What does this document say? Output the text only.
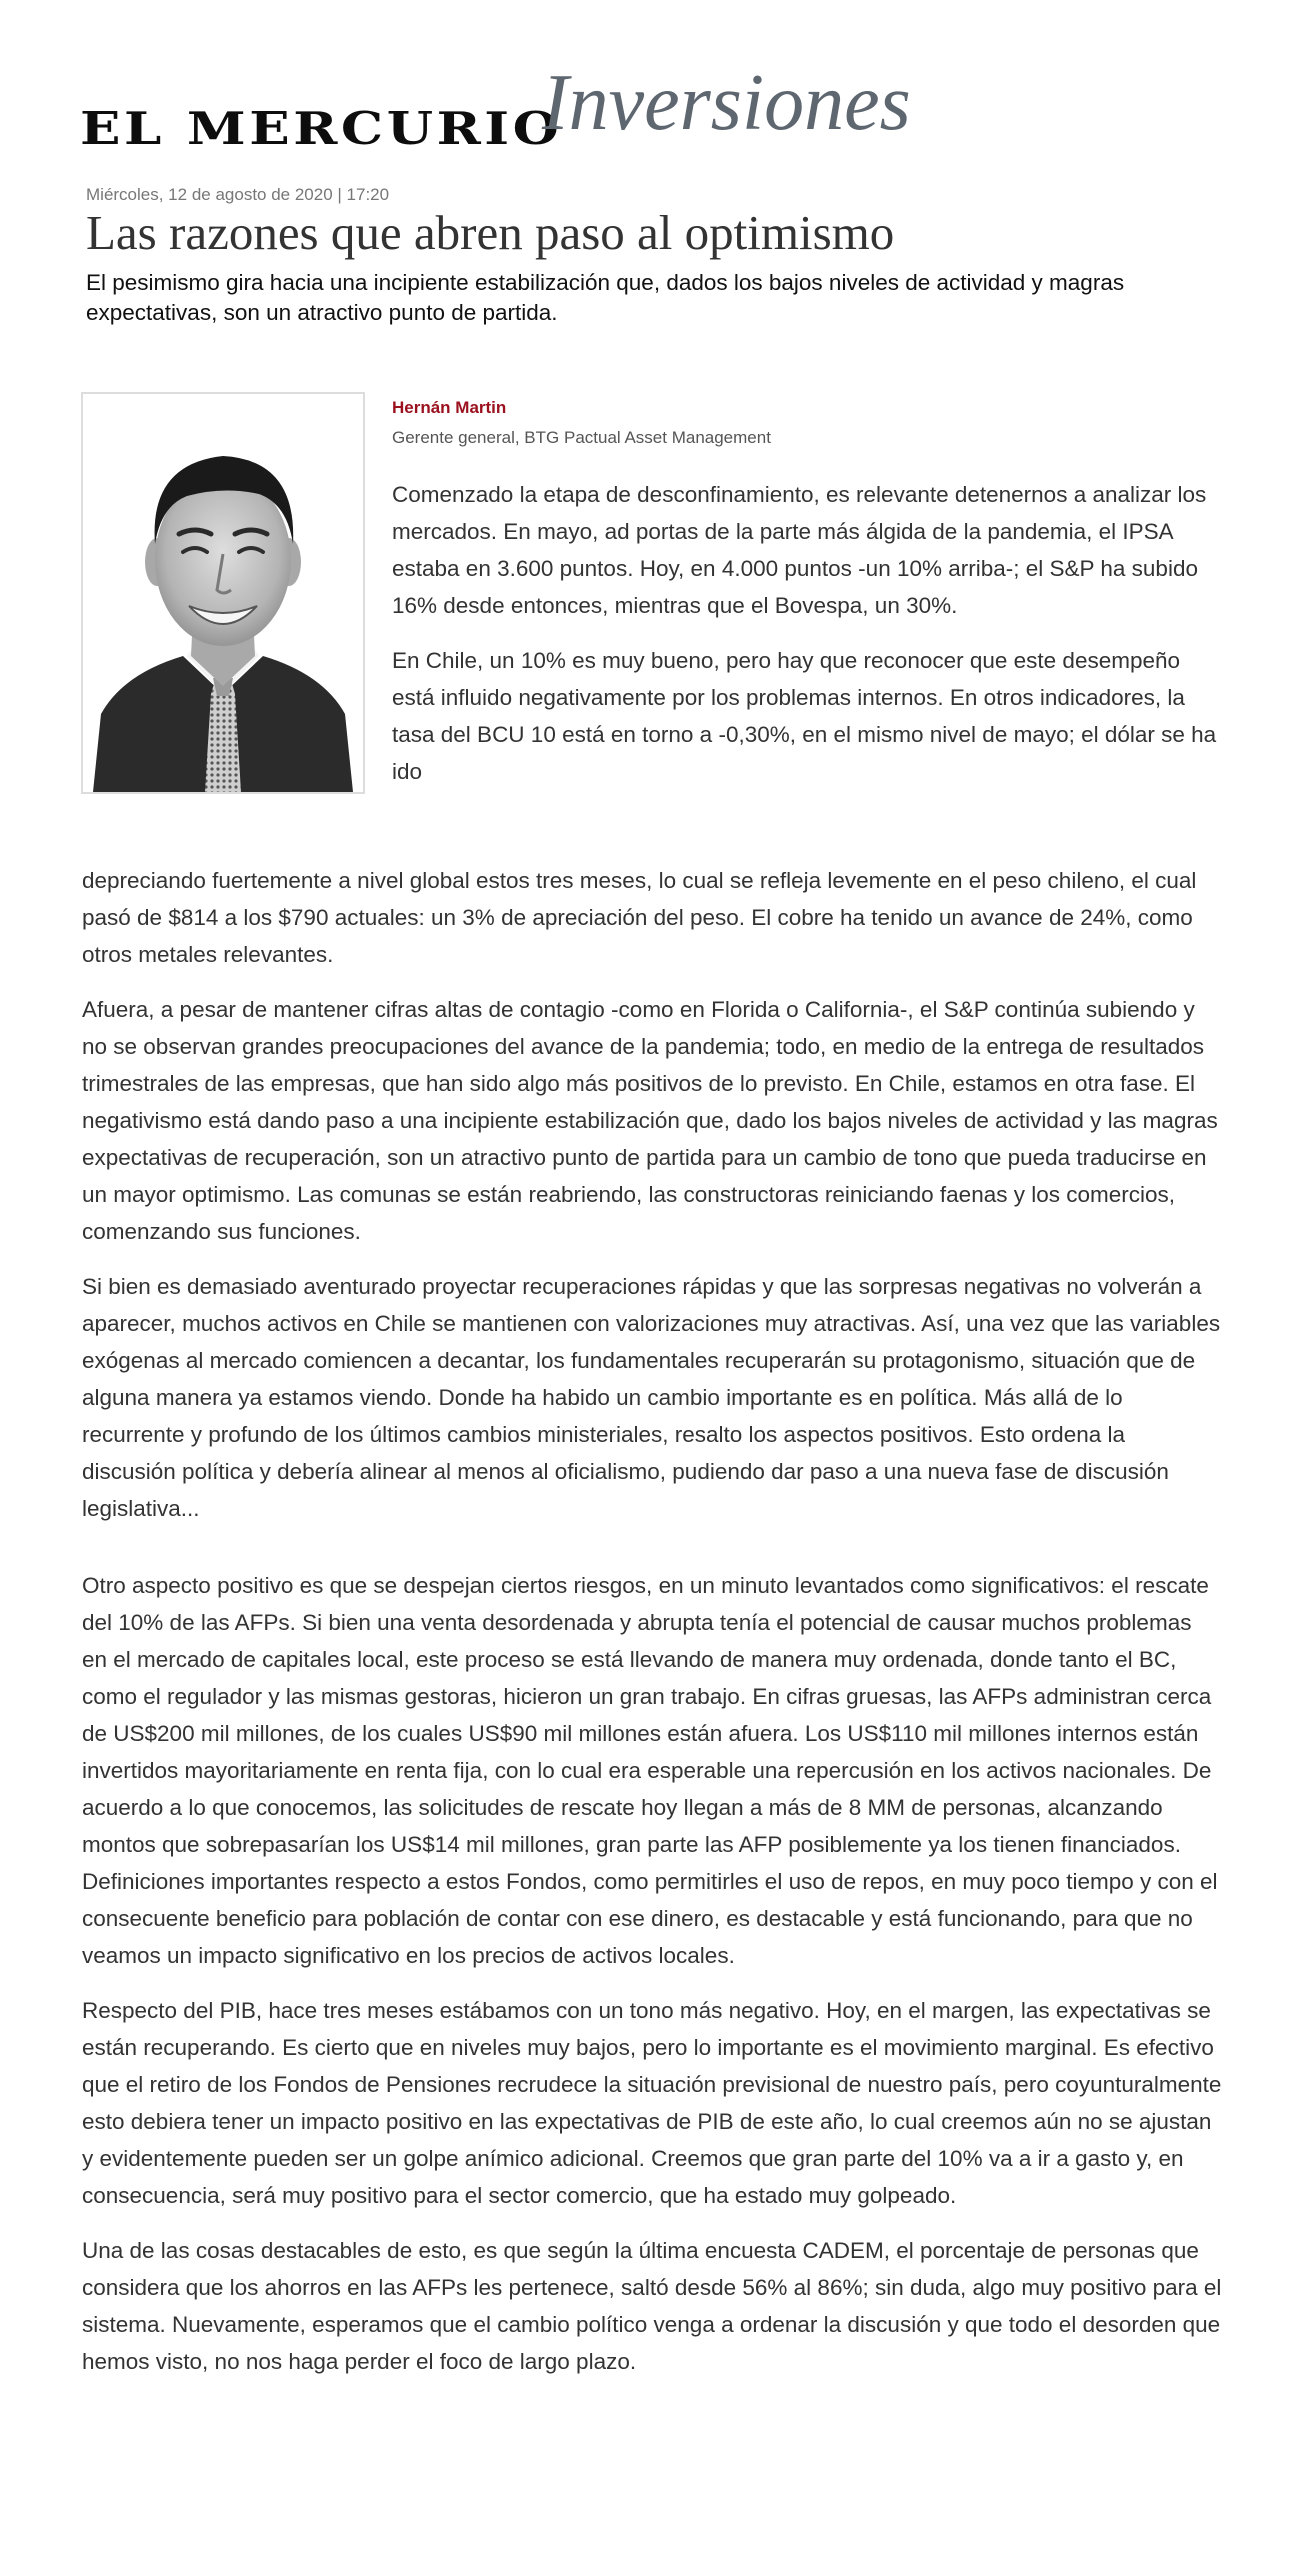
EL MERCURIO
Inversiones
Miércoles, 12 de agosto de 2020 | 17:20
Las razones que abren paso al optimismo

El pesimismo gira hacia una incipiente estabilización que, dados los bajos niveles de actividad y magras expectativas, son un atractivo punto de partida.

Hernán Martin
Gerente general, BTG Pactual Asset Management

Comenzado la etapa de desconfinamiento, es relevante detenernos a analizar los mercados. En mayo, ad portas de la parte más álgida de la pandemia, el IPSA estaba en 3.600 puntos. Hoy, en 4.000 puntos -un 10% arriba-; el S&P ha subido 16% desde entonces, mientras que el Bovespa, un 30%.

En Chile, un 10% es muy bueno, pero hay que reconocer que este desempeño está influido negativamente por los problemas internos. En otros indicadores, la tasa del BCU 10 está en torno a -0,30%, en el mismo nivel de mayo; el dólar se ha ido

depreciando fuertemente a nivel global estos tres meses, lo cual se refleja levemente en el peso chileno, el cual pasó de $814 a los $790 actuales: un 3% de apreciación del peso. El cobre ha tenido un avance de 24%, como otros metales relevantes.

Afuera, a pesar de mantener cifras altas de contagio -como en Florida o California-, el S&P continúa subiendo y no se observan grandes preocupaciones del avance de la pandemia; todo, en medio de la entrega de resultados trimestrales de las empresas, que han sido algo más positivos de lo previsto. En Chile, estamos en otra fase. El negativismo está dando paso a una incipiente estabilización que, dado los bajos niveles de actividad y las magras expectativas de recuperación, son un atractivo punto de partida para un cambio de tono que pueda traducirse en un mayor optimismo. Las comunas se están reabriendo, las constructoras reiniciando faenas y los comercios, comenzando sus funciones.

Si bien es demasiado aventurado proyectar recuperaciones rápidas y que las sorpresas negativas no volverán a aparecer, muchos activos en Chile se mantienen con valorizaciones muy atractivas. Así, una vez que las variables exógenas al mercado comiencen a decantar, los fundamentales recuperarán su protagonismo, situación que de alguna manera ya estamos viendo. Donde ha habido un cambio importante es en política. Más allá de lo recurrente y profundo de los últimos cambios ministeriales, resalto los aspectos positivos. Esto ordena la discusión política y debería alinear al menos al oficialismo, pudiendo dar paso a una nueva fase de discusión legislativa...

Otro aspecto positivo es que se despejan ciertos riesgos, en un minuto levantados como significativos: el rescate del 10% de las AFPs. Si bien una venta desordenada y abrupta tenía el potencial de causar muchos problemas en el mercado de capitales local, este proceso se está llevando de manera muy ordenada, donde tanto el BC, como el regulador y las mismas gestoras, hicieron un gran trabajo. En cifras gruesas, las AFPs administran cerca de US$200 mil millones, de los cuales US$90 mil millones están afuera. Los US$110 mil millones internos están invertidos mayoritariamente en renta fija, con lo cual era esperable una repercusión en los activos nacionales. De acuerdo a lo que conocemos, las solicitudes de rescate hoy llegan a más de 8 MM de personas, alcanzando montos que sobrepasarían los US$14 mil millones, gran parte las AFP posiblemente ya los tienen financiados. Definiciones importantes respecto a estos Fondos, como permitirles el uso de repos, en muy poco tiempo y con el consecuente beneficio para población de contar con ese dinero, es destacable y está funcionando, para que no veamos un impacto significativo en los precios de activos locales.

Respecto del PIB, hace tres meses estábamos con un tono más negativo. Hoy, en el margen, las expectativas se están recuperando. Es cierto que en niveles muy bajos, pero lo importante es el movimiento marginal. Es efectivo que el retiro de los Fondos de Pensiones recrudece la situación previsional de nuestro país, pero coyunturalmente esto debiera tener un impacto positivo en las expectativas de PIB de este año, lo cual creemos aún no se ajustan y evidentemente pueden ser un golpe anímico adicional. Creemos que gran parte del 10% va a ir a gasto y, en consecuencia, será muy positivo para el sector comercio, que ha estado muy golpeado.

Una de las cosas destacables de esto, es que según la última encuesta CADEM, el porcentaje de personas que considera que los ahorros en las AFPs les pertenece, saltó desde 56% al 86%; sin duda, algo muy positivo para el sistema. Nuevamente, esperamos que el cambio político venga a ordenar la discusión y que todo el desorden que hemos visto, no nos haga perder el foco de largo plazo.
